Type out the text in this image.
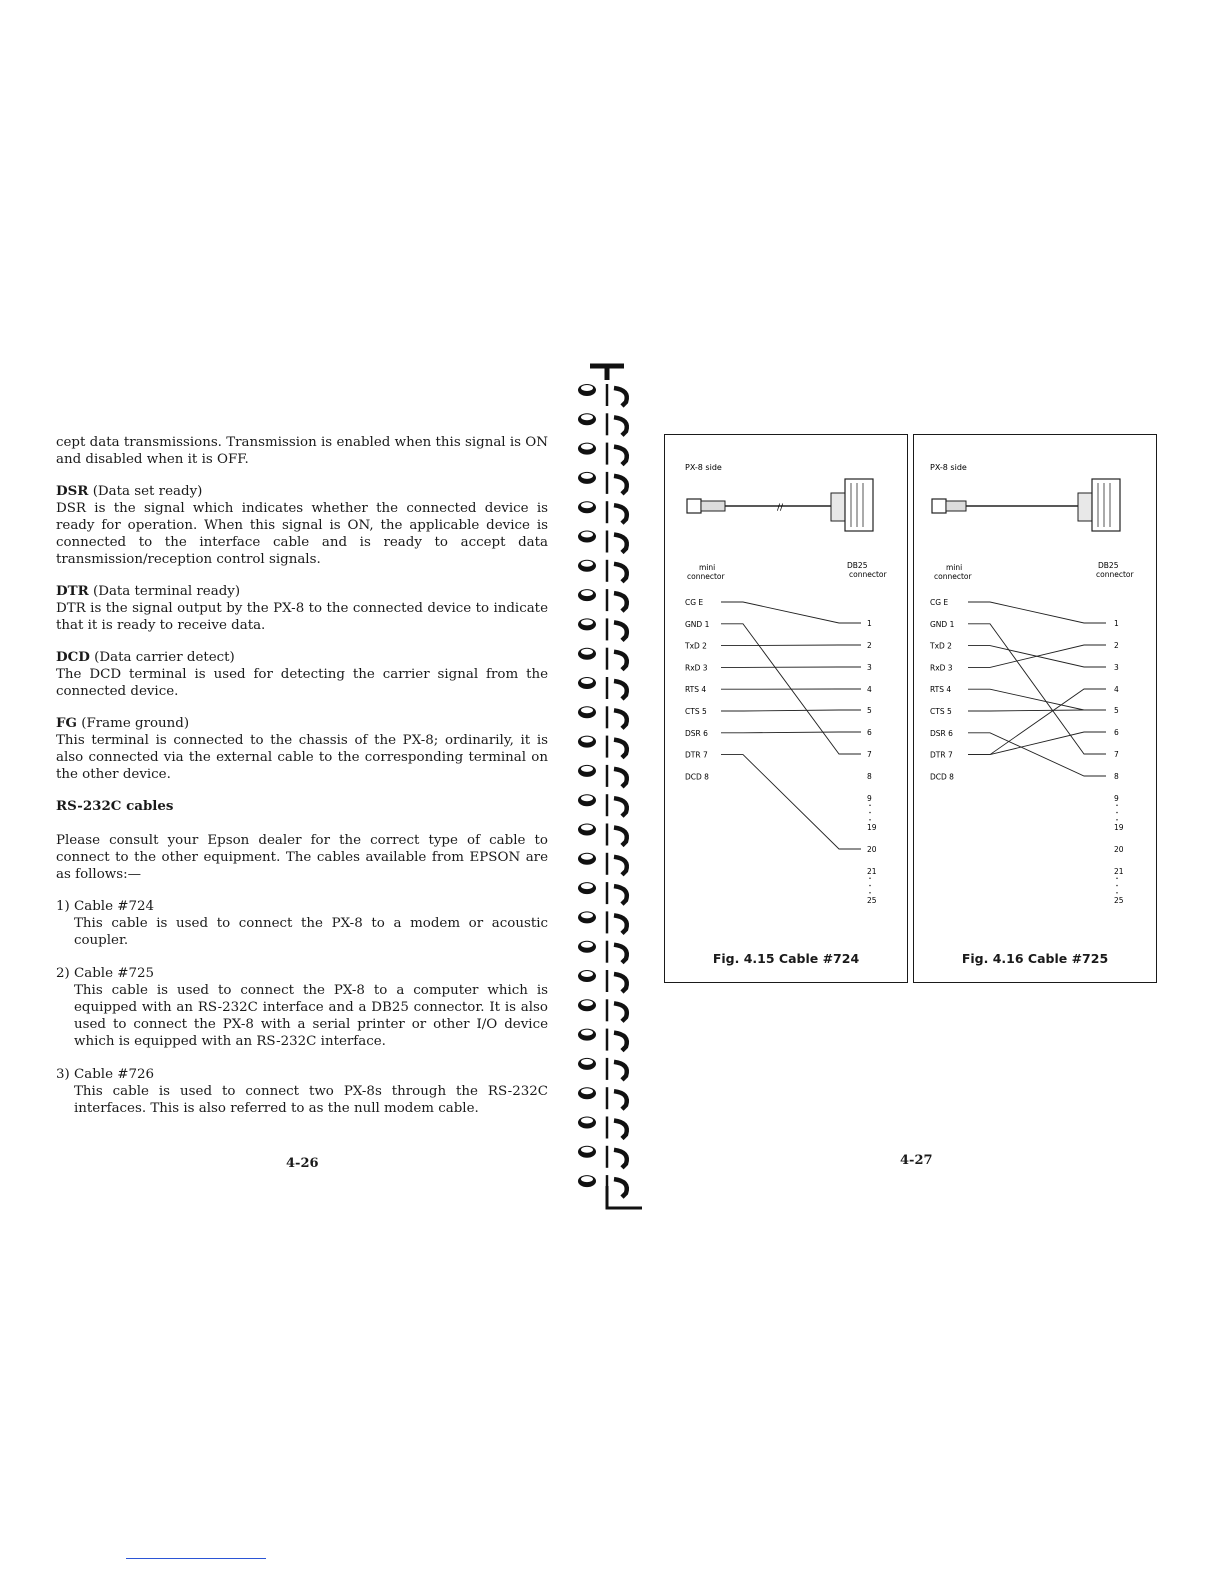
cept data transmissions. Transmission is enabled when this signal is ON and disabled when it is OFF.

DSR (Data set ready)
DSR is the signal which indicates whether the connected device is ready for operation. When this signal is ON, the applicable device is connected to the interface cable and is ready to accept data transmission/reception control signals.

DTR (Data terminal ready)
DTR is the signal output by the PX-8 to the connected device to indicate that it is ready to receive data.

DCD (Data carrier detect)
The DCD terminal is used for detecting the carrier signal from the connected device.

FG (Frame ground)
This terminal is connected to the chassis of the PX-8; ordinarily, it is also connected via the external cable to the corresponding terminal on the other device.

RS-232C cables

Please consult your Epson dealer for the correct type of cable to connect to the other equipment. The cables available from EPSON are as follows:—

1) Cable #724
This cable is used to connect the PX-8 to a modem or acoustic coupler.
2) Cable #725
This cable is used to connect the PX-8 to a computer which is equipped with an RS-232C interface and a DB25 connector. It is also used to connect the PX-8 with a serial printer or other I/O device which is equipped with an RS-232C interface.
3) Cable #726
This cable is used to connect two PX-8s through the RS-232C interfaces. This is also referred to as the null modem cable.
4-26	4-27
PX-8 side
//
mini
connector
DB25
connector
CG E
GND 1
TxD 2
RxD 3
RTS 4
CTS 5
DSR 6
DTR 7
DCD 8
1
2
3
4
5
6
7
8
9
19
20
21
25
Fig. 4.15 Cable #724
PX-8 side
mini
connector
DB25
connector
CG E
GND 1
TxD 2
RxD 3
RTS 4
CTS 5
DSR 6
DTR 7
DCD 8
1
2
3
4
5
6
7
8
9
19
20
21
25
Fig. 4.16 Cable #725
